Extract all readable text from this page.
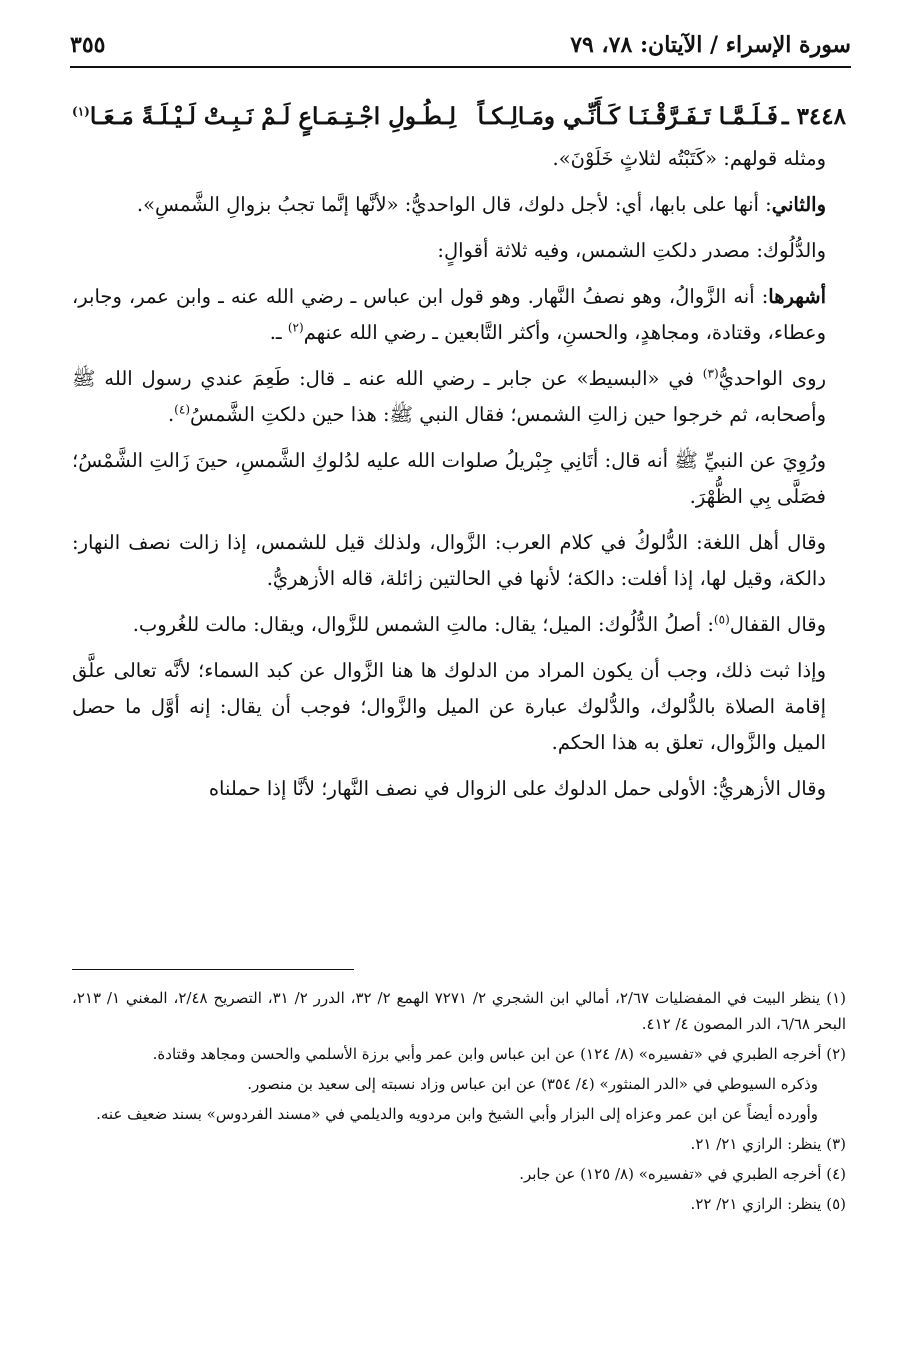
سورة الإسراء / الآيتان: ٧٨، ٧٩
٣٥٥
٣٤٤٨ ـ
فَـلَـمَّـا تَـفَـرَّقْـنَـا كَـأَنِّـي ومَـالِـكـاً
لِـطُـولِ اجْـتِـمَـاعٍ لَـمْ نَـبِـتْ لَـيْـلَـةً مَـعَـا$^{(١)}$

ومثله قولهم: «كَتَبْتُه لثلاثٍ خَلَوْنَ».

والثاني: أنها على بابها، أي: لأجل دلوك، قال الواحديُّ: «لأنَّها إنَّما تجبُ بزوالِ الشَّمسِ».

والدُّلُوك: مصدر دلكتِ الشمس، وفيه ثلاثة أقوالٍ:

أشهرها: أنه الزَّوالُ، وهو نصفُ النَّهار. وهو قول ابن عباس ـ رضي الله عنه ـ وابن عمر، وجابر، وعطاء، وقتادة، ومجاهدٍ، والحسنِ، وأكثر التَّابعين ـ رضي الله عنهم$^{(٢)}$ ـ.

روى الواحديُّ$^{(٣)}$ في «البسيط» عن جابر ـ رضي الله عنه ـ قال: طَعِمَ عندي رسول الله ﷺ وأصحابه، ثم خرجوا حين زالتِ الشمس؛ فقال النبي ﷺ: هذا حين دلكتِ الشَّمسُ$^{(٤)}$.

ورُوِيَ عن النبيِّ ﷺ أنه قال: أتَانِي جِبْريلُ صلوات الله عليه لدُلوكِ الشَّمسِ، حينَ زَالتِ الشَّمْسُ؛ فصَلَّى بِي الظُّهْرَ.

وقال أهل اللغة: الدُّلوكُ في كلام العرب: الزَّوال، ولذلك قيل للشمس، إذا زالت نصف النهار: دالكة، وقيل لها، إذا أفلت: دالكة؛ لأنها في الحالتين زائلة، قاله الأزهريُّ.

وقال القفال$^{(٥)}$: أصلُ الدُّلُوك: الميل؛ يقال: مالتِ الشمس للزَّوال، ويقال: مالت للغُروب.

وإذا ثبت ذلك، وجب أن يكون المراد من الدلوك ها هنا الزَّوال عن كبد السماء؛ لأنَّه تعالى علَّق إقامة الصلاة بالدُّلوك، والدُّلوك عبارة عن الميل والزَّوال؛ فوجب أن يقال: إنه أوَّل ما حصل الميل والزَّوال، تعلق به هذا الحكم.

وقال الأزهريُّ: الأولى حمل الدلوك على الزوال في نصف النَّهار؛ لأنَّا إذا حملناه

(١) ينظر البيت في المفضليات ٢/٦٧، أمالي ابن الشجري ٢/ ٧٢٧١ الهمع ٢/ ٣٢، الدرر ٢/ ٣١، التصريح ٢/٤٨، المغني ١/ ٢١٣، البحر ٦/٦٨، الدر المصون ٤/ ٤١٢.

(٢) أخرجه الطبري في «تفسيره» (٨/ ١٢٤) عن ابن عباس وابن عمر وأبي برزة الأسلمي والحسن ومجاهد وقتادة.

وذكره السيوطي في «الدر المنثور» (٤/ ٣٥٤) عن ابن عباس وزاد نسبته إلى سعيد بن منصور.

وأورده أيضاً عن ابن عمر وعزاه إلى البزار وأبي الشيخ وابن مردويه والديلمي في «مسند الفردوس» بسند ضعيف عنه.

(٣) ينظر: الرازي ٢١/ ٢١.

(٤) أخرجه الطبري في «تفسيره» (٨/ ١٢٥) عن جابر.

(٥) ينظر: الرازي ٢١/ ٢٢.
